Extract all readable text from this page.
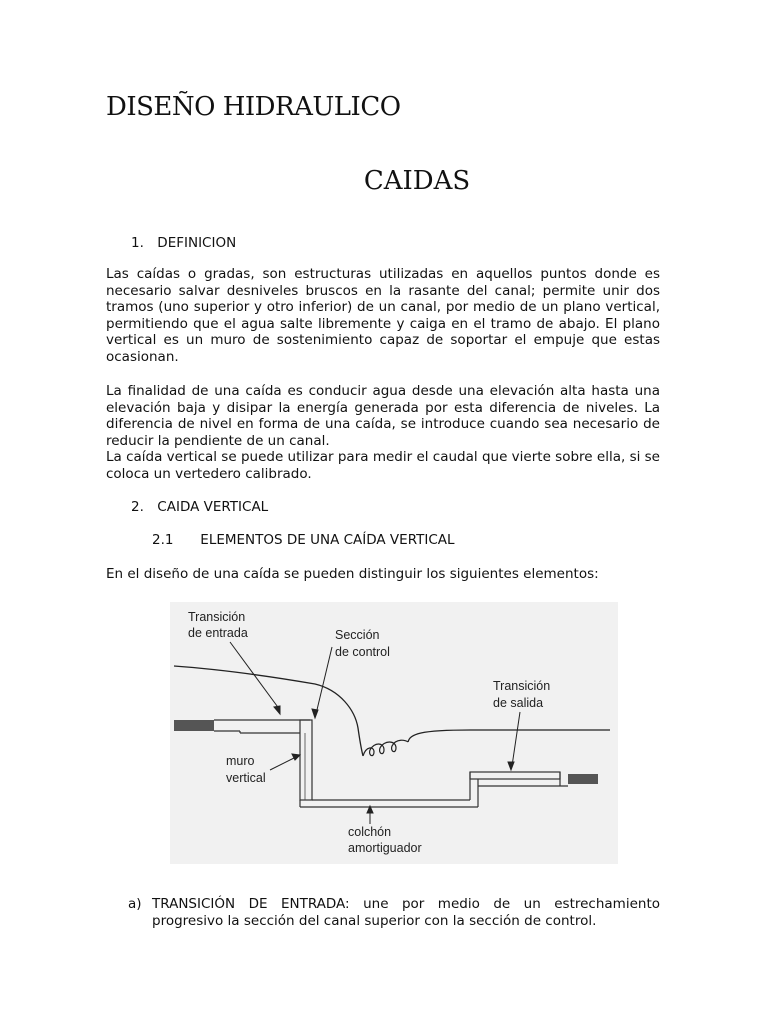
DISEÑO HIDRAULICO
CAIDAS
1. DEFINICION

Las caídas o gradas, son estructuras utilizadas en aquellos puntos donde es necesario salvar desniveles bruscos en la rasante del canal; permite unir dos tramos (uno superior y otro inferior) de un canal, por medio de un plano vertical, permitiendo que el agua salte libremente y caiga en el tramo de abajo. El plano vertical es un muro de sostenimiento capaz de soportar el empuje que estas ocasionan.

La finalidad de una caída es conducir agua desde una elevación alta hasta una elevación baja y disipar la energía generada por esta diferencia de niveles. La diferencia de nivel en forma de una caída, se introduce cuando sea necesario de reducir la pendiente de un canal.

La caída vertical se puede utilizar para medir el caudal que vierte sobre ella, si se coloca un vertedero calibrado.

2. CAIDA VERTICAL
2.1 ELEMENTOS DE UNA CAÍDA VERTICAL

En el diseño de una caída se pueden distinguir los siguientes elementos:

Transición
de entrada	Sección
de control
Transición
de salida
muro
vertical
colchón
amortiguador
a) TRANSICIÓN DE ENTRADA: une por medio de un estrechamiento progresivo la sección del canal superior con la sección de control.
